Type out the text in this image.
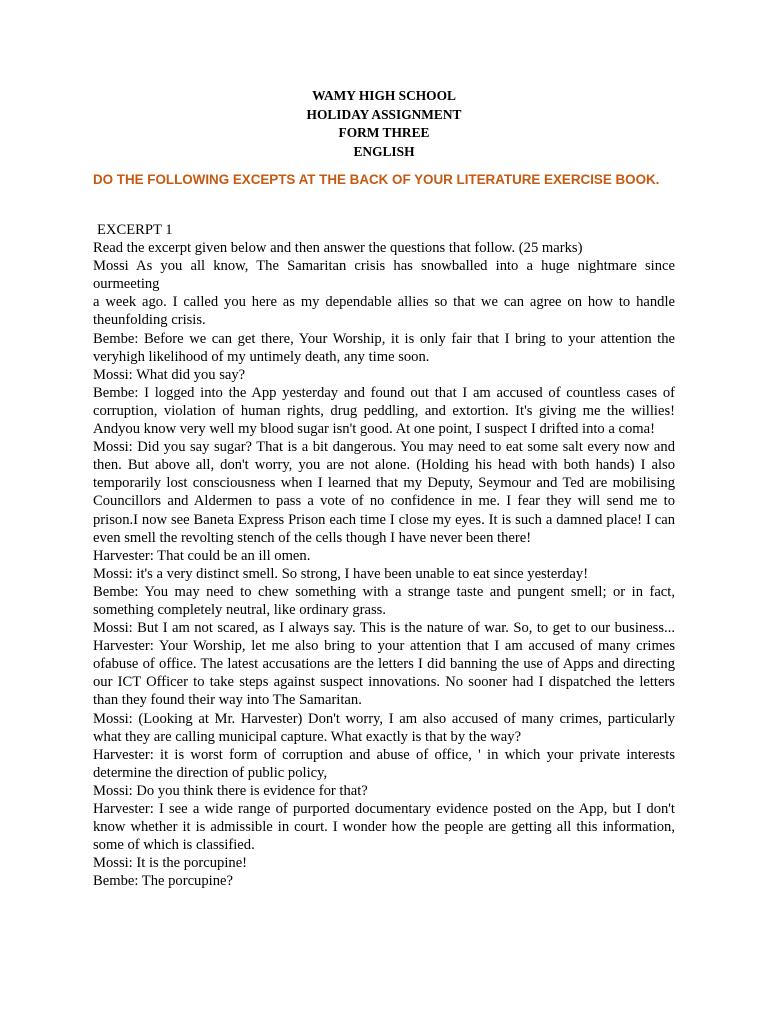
WAMY HIGH SCHOOL
HOLIDAY ASSIGNMENT
FORM THREE
ENGLISH
DO THE FOLLOWING EXCEPTS AT THE BACK OF YOUR LITERATURE EXERCISE BOOK.

EXCERPT 1

Read the excerpt given below and then answer the questions that follow. (25 marks)

Mossi As you all know, The Samaritan crisis has snowballed into a huge nightmare since ourmeeting

a week ago. I called you here as my dependable allies so that we can agree on how to handle theunfolding crisis.

Bembe: Before we can get there, Your Worship, it is only fair that I bring to your attention the veryhigh likelihood of my untimely death, any time soon.

Mossi: What did you say?

Bembe: I logged into the App yesterday and found out that I am accused of countless cases of corruption, violation of human rights, drug peddling, and extortion. It's giving me the willies! Andyou know very well my blood sugar isn't good. At one point, I suspect I drifted into a coma!

Mossi: Did you say sugar? That is a bit dangerous. You may need to eat some salt every now and then. But above all, don't worry, you are not alone. (Holding his head with both hands) I also temporarily lost consciousness when I learned that my Deputy, Seymour and Ted are mobilising Councillors and Aldermen to pass a vote of no confidence in me. I fear they will send me to prison.I now see Baneta Express Prison each time I close my eyes. It is such a damned place! I can even smell the revolting stench of the cells though I have never been there!

Harvester: That could be an ill omen.

Mossi: it's a very distinct smell. So strong, I have been unable to eat since yesterday!

Bembe: You may need to chew something with a strange taste and pungent smell; or in fact, something completely neutral, like ordinary grass.

Mossi: But I am not scared, as I always say. This is the nature of war. So, to get to our business... Harvester: Your Worship, let me also bring to your attention that I am accused of many crimes ofabuse of office. The latest accusations are the letters I did banning the use of Apps and directing our ICT Officer to take steps against suspect innovations. No sooner had I dispatched the letters than they found their way into The Samaritan.

Mossi: (Looking at Mr. Harvester) Don't worry, I am also accused of many crimes, particularly what they are calling municipal capture. What exactly is that by the way?

Harvester: it is worst form of corruption and abuse of office, ' in which your private interests determine the direction of public policy,

Mossi: Do you think there is evidence for that?

Harvester: I see a wide range of purported documentary evidence posted on the App, but I don't know whether it is admissible in court. I wonder how the people are getting all this information, some of which is classified.

Mossi: It is the porcupine!

Bembe: The porcupine?
